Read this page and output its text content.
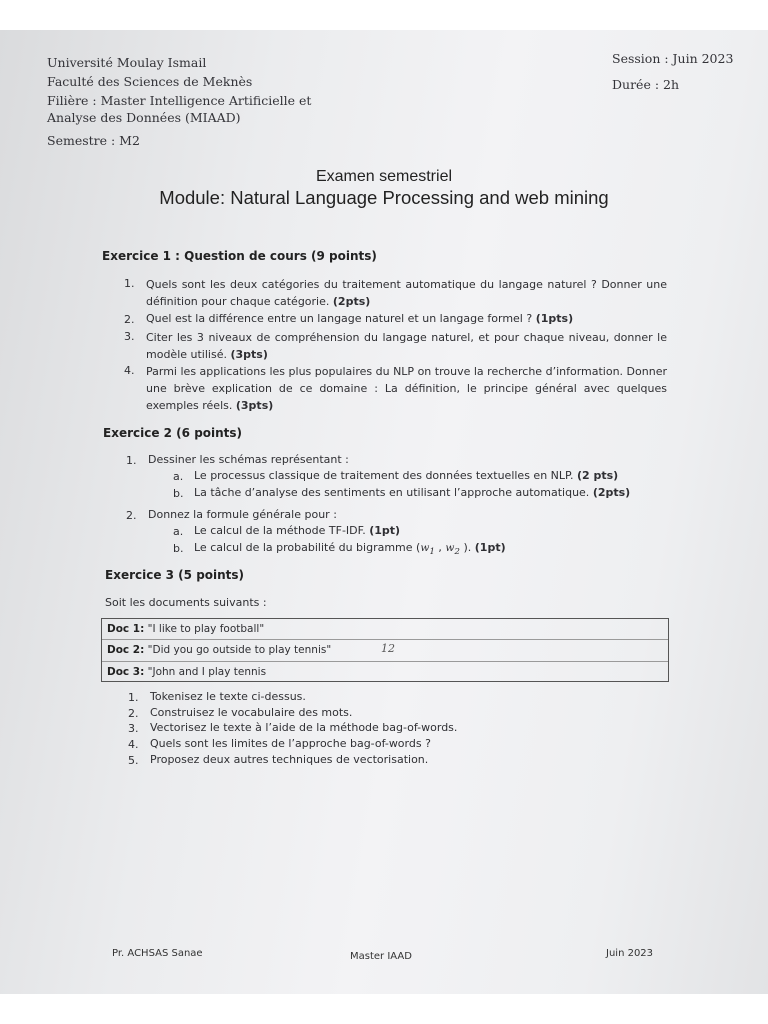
Université Moulay Ismail
Faculté des Sciences de Meknès
Filière : Master Intelligence Artificielle et
Analyse des Données (MIAAD)
Semestre : M2
Session : Juin 2023
Durée : 2h
Examen semestriel
Module: Natural Language Processing and web mining
Exercice 1 : Question de cours (9 points)
1. Quels sont les deux catégories du traitement automatique du langage naturel ? Donner une définition pour chaque catégorie. (2pts)
2. Quel est la différence entre un langage naturel et un langage formel ? (1pts)
3. Citer les 3 niveaux de compréhension du langage naturel, et pour chaque niveau, donner le modèle utilisé. (3pts)
4. Parmi les applications les plus populaires du NLP on trouve la recherche d’information. Donner une brève explication de ce domaine : La définition, le principe général avec quelques exemples réels. (3pts)
Exercice 2 (6 points)
1. Dessiner les schémas représentant :
a. Le processus classique de traitement des données textuelles en NLP. (2 pts)
b. La tâche d’analyse des sentiments en utilisant l’approche automatique. (2pts)
2. Donnez la formule générale pour :
a. Le calcul de la méthode TF-IDF. (1pt)
b. Le calcul de la probabilité du bigramme ($w_1$ , $w_2$ ). (1pt)
Exercice 3 (5 points)
Soit les documents suivants :
Doc 1: "I like to play football"
Doc 2: "Did you go outside to play tennis"
Doc 3: "John and I play tennis
12
1. Tokenisez le texte ci-dessus.
2. Construisez le vocabulaire des mots.
3. Vectorisez le texte à l’aide de la méthode bag-of-words.
4. Quels sont les limites de l’approche bag-of-words ?
5. Proposez deux autres techniques de vectorisation.
Pr. ACHSAS Sanae	Master IAAD	Juin 2023
